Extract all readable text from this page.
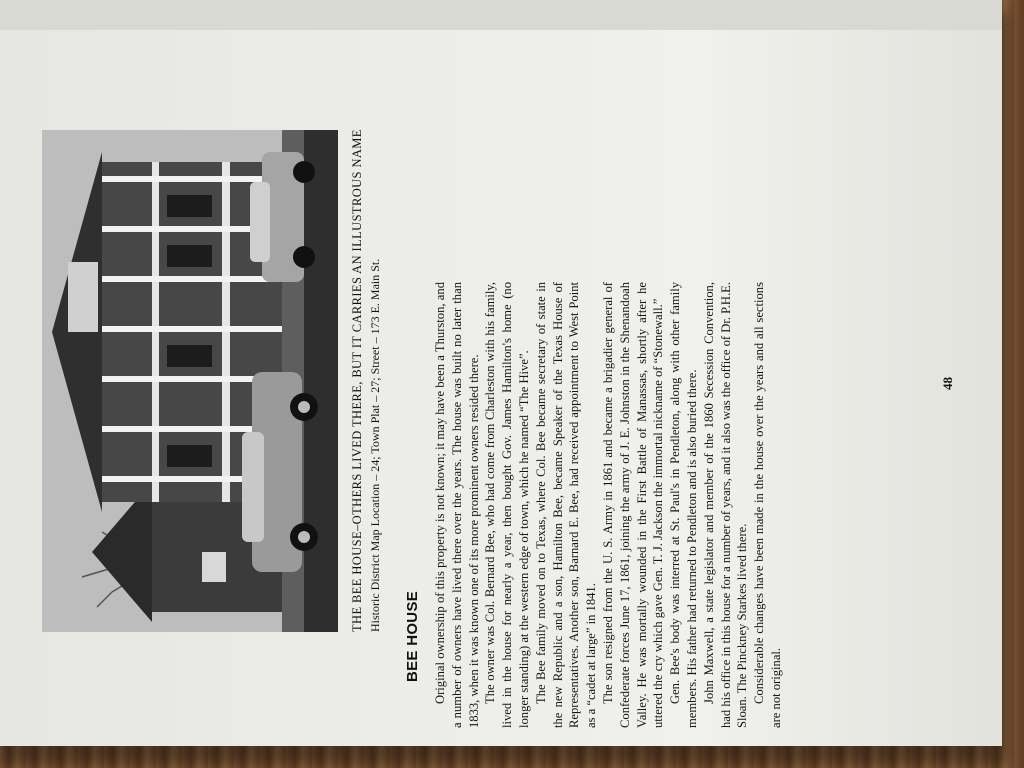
THE BEE HOUSE–OTHERS LIVED THERE, BUT IT CARRIES AN ILLUSTROUS NAME Historic District Map Location – 24; Town Plat – 27; Street – 173 E. Main St.
BEE HOUSE Original ownership of this property is not known; it may have been a Thurston, and a number of owners have lived there over the years. The house was built no later than 1833, when it was known one of its more prominent owners resided there. The owner was Col. Bernard Bee, who had come from Charleston with his family, lived in the house for nearly a year, then bought Gov. James Hamilton's home (no longer standing) at the western edge of town, which he named “The Hive”. The Bee family moved on to Texas, where Col. Bee became secretary of state in the new Republic and a son, Hamilton Bee, became Speaker of the Texas House of Representatives. Another son, Barnard E. Bee, had received appointment to West Point as a “cadet at large” in 1841. The son resigned from the U. S. Army in 1861 and became a brigadier general of Confederate forces June 17, 1861, joining the army of J. E. Johnston in the Shenandoah Valley. He was mortally wounded in the First Battle of Manassas, shortly after he uttered the cry which gave Gen. T. J. Jackson the immortal nickname of “Stonewall.” Gen. Bee's body was interred at St. Paul's in Pendleton, along with other family members. His father had returned to Pendleton and is also buried there. John Maxwell, a state legislator and member of the 1860 Secession Convention, had his office in this house for a number of years, and it also was the office of Dr. P.H.E. Sloan. The Pinckney Starkes lived there. Considerable changes have been made in the house over the years and all sections are not original.

48
